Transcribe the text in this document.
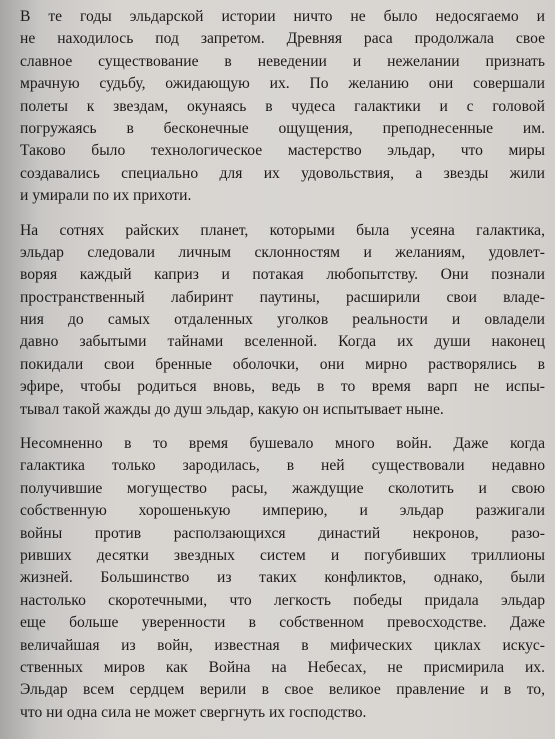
В те годы эльдарской истории ничто не было недосягаемо и
не находилось под запретом. Древняя раса продолжала свое
славное существование в неведении и нежелании признать
мрачную судьбу, ожидающую их. По желанию они совершали
полеты к звездам, окунаясь в чудеса галактики и с головой
погружаясь в бесконечные ощущения, преподнесенные им.
Таково было технологическое мастерство эльдар, что миры
создавались специально для их удовольствия, а звезды жили
и умирали по их прихоти.
На сотнях райских планет, которыми была усеяна галактика,
эльдар следовали личным склонностям и желаниям, удовлет-
воряя каждый каприз и потакая любопытству. Они познали
пространственный лабиринт паутины, расширили свои владе-
ния до самых отдаленных уголков реальности и овладели
давно забытыми тайнами вселенной. Когда их души наконец
покидали свои бренные оболочки, они мирно растворялись в
эфире, чтобы родиться вновь, ведь в то время варп не испы-
тывал такой жажды до душ эльдар, какую он испытывает ныне.
Несомненно в то время бушевало много войн. Даже когда
галактика только зародилась, в ней существовали недавно
получившие могущество расы, жаждущие сколотить и свою
собственную хорошенькую империю, и эльдар разжигали
войны против расползающихся династий некронов, разо-
ривших десятки звездных систем и погубивших триллионы
жизней. Большинство из таких конфликтов, однако, были
настолько скоротечными, что легкость победы придала эльдар
еще больше уверенности в собственном превосходстве. Даже
величайшая из войн, известная в мифических циклах искус-
ственных миров как Война на Небесах, не присмирила их.
Эльдар всем сердцем верили в свое великое правление и в то,
что ни одна сила не может свергнуть их господство.
